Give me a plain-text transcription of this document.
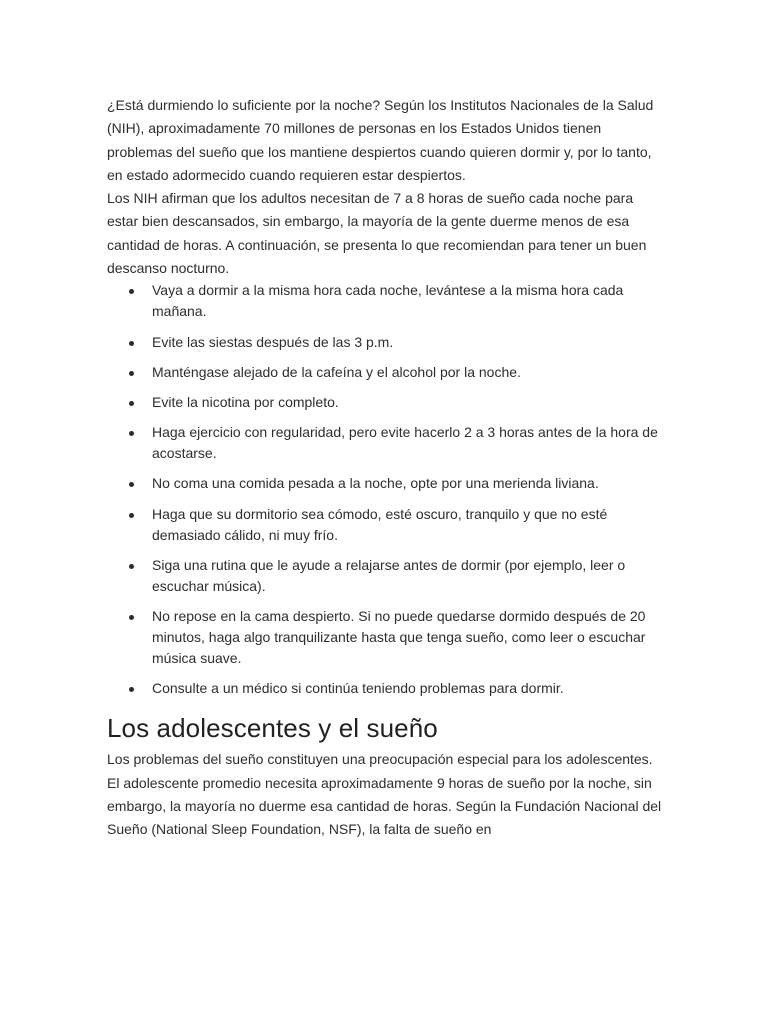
¿Está durmiendo lo suficiente por la noche? Según los Institutos Nacionales de la Salud (NIH), aproximadamente 70 millones de personas en los Estados Unidos tienen problemas del sueño que los mantiene despiertos cuando quieren dormir y, por lo tanto, en estado adormecido cuando requieren estar despiertos.

Los NIH afirman que los adultos necesitan de 7 a 8 horas de sueño cada noche para estar bien descansados, sin embargo, la mayoría de la gente duerme menos de esa cantidad de horas. A continuación, se presenta lo que recomiendan para tener un buen descanso nocturno.

Vaya a dormir a la misma hora cada noche, levántese a la misma hora cada mañana.
Evite las siestas después de las 3 p.m.
Manténgase alejado de la cafeína y el alcohol por la noche.
Evite la nicotina por completo.
Haga ejercicio con regularidad, pero evite hacerlo 2 a 3 horas antes de la hora de acostarse.
No coma una comida pesada a la noche, opte por una merienda liviana.
Haga que su dormitorio sea cómodo, esté oscuro, tranquilo y que no esté demasiado cálido, ni muy frío.
Siga una rutina que le ayude a relajarse antes de dormir (por ejemplo, leer o escuchar música).
No repose en la cama despierto. Si no puede quedarse dormido después de 20 minutos, haga algo tranquilizante hasta que tenga sueño, como leer o escuchar música suave.
Consulte a un médico si continúa teniendo problemas para dormir.
Los adolescentes y el sueño

Los problemas del sueño constituyen una preocupación especial para los adolescentes. El adolescente promedio necesita aproximadamente 9 horas de sueño por la noche, sin embargo, la mayoría no duerme esa cantidad de horas. Según la Fundación Nacional del Sueño (National Sleep Foundation, NSF), la falta de sueño en
